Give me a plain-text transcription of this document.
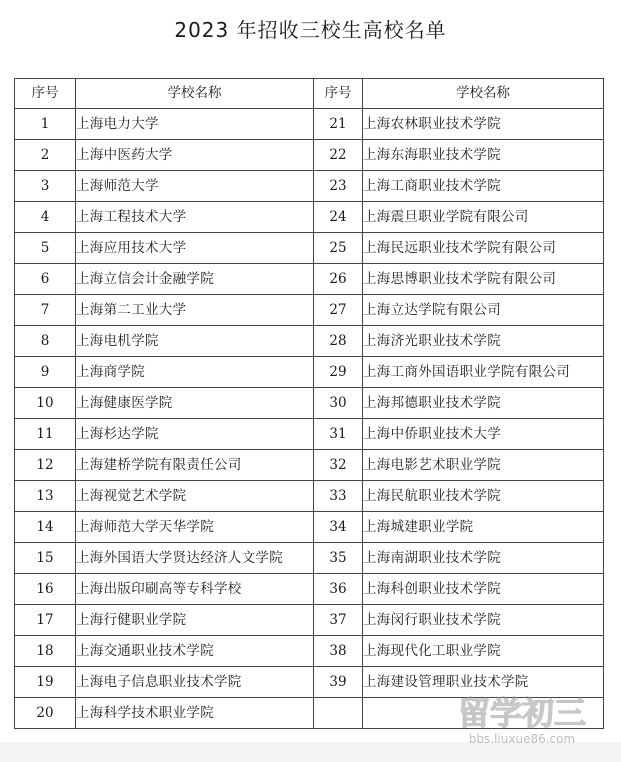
2023 年招收三校生高校名单
序号	学校名称	序号	学校名称
1	上海电力大学	21	上海农林职业技术学院
2	上海中医药大学	22	上海东海职业技术学院
3	上海师范大学	23	上海工商职业技术学院
4	上海工程技术大学	24	上海震旦职业学院有限公司
5	上海应用技术大学	25	上海民远职业技术学院有限公司
6	上海立信会计金融学院	26	上海思博职业技术学院有限公司
7	上海第二工业大学	27	上海立达学院有限公司
8	上海电机学院	28	上海济光职业技术学院
9	上海商学院	29	上海工商外国语职业学院有限公司
10	上海健康医学院	30	上海邦德职业技术学院
11	上海杉达学院	31	上海中侨职业技术大学
12	上海建桥学院有限责任公司	32	上海电影艺术职业学院
13	上海视觉艺术学院	33	上海民航职业技术学院
14	上海师范大学天华学院	34	上海城建职业学院
15	上海外国语大学贤达经济人文学院	35	上海南湖职业技术学院
16	上海出版印刷高等专科学校	36	上海科创职业技术学院
17	上海行健职业学院	37	上海闵行职业技术学院
18	上海交通职业技术学院	38	上海现代化工职业学院
19	上海电子信息职业技术学院	39	上海建设管理职业技术学院
20	上海科学技术职业学院			留学初三
bbs.liuxue86.com
